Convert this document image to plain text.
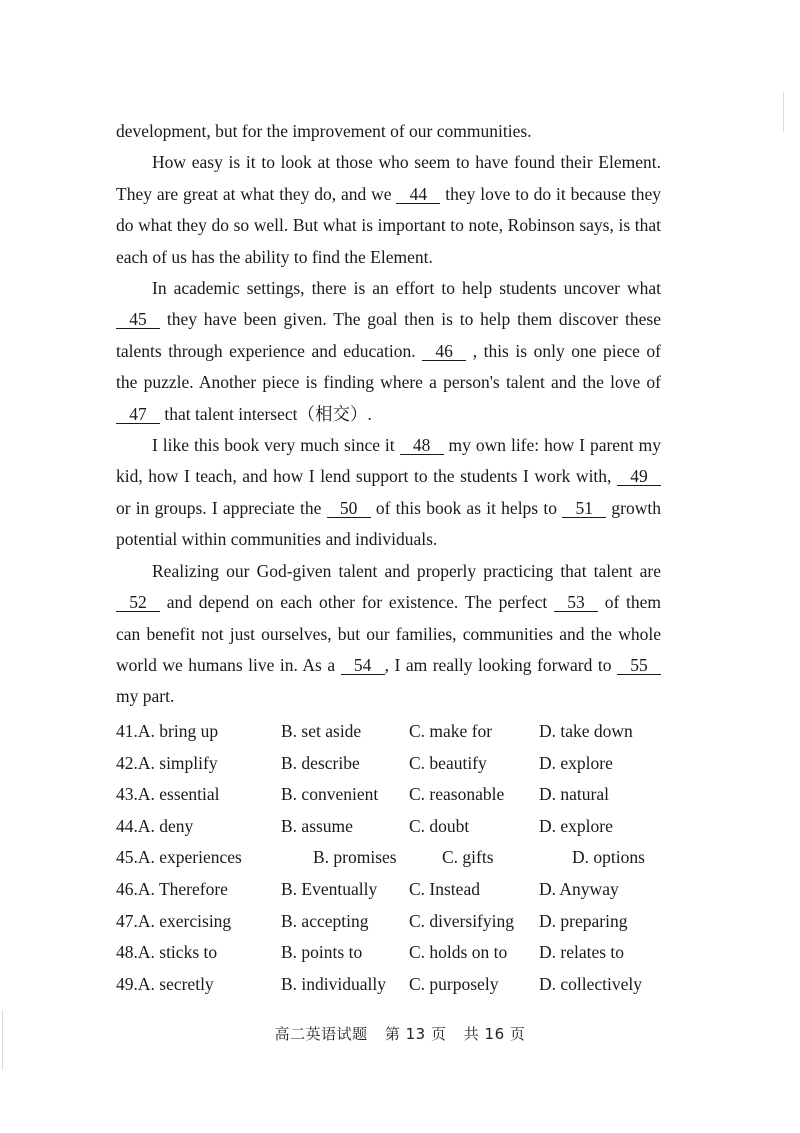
development, but for the improvement of our communities.

How easy is it to look at those who seem to have found their Element. They are great at what they do, and we 44 they love to do it because they do what they do so well. But what is important to note, Robinson says, is that each of us has the ability to find the Element.

In academic settings, there is an effort to help students uncover what 45 they have been given. The goal then is to help them discover these talents through experience and education. 46 , this is only one piece of the puzzle. Another piece is finding where a person's talent and the love of 47 that talent intersect（相交）.

I like this book very much since it 48 my own life: how I parent my kid, how I teach, and how I lend support to the students I work with, 49 or in groups. I appreciate the 50 of this book as it helps to 51 growth potential within communities and individuals.

Realizing our God-given talent and properly practicing that talent are 52 and depend on each other for existence. The perfect 53 of them can benefit not just ourselves, but our families, communities and the whole world we humans live in. As a 54 , I am really looking forward to 55 my part.

41.A. bring up	B. set aside	C. make for	D. take down
42.A. simplify	B. describe	C. beautify	D. explore
43.A. essential	B. convenient C. reasonable D. natural
44.A. deny	B. assume	C. doubt	D. explore
45.A. experiences	B. promises	C. gifts	D. options
46.A. Therefore	B. Eventually C. Instead	D. Anyway
47.A. exercising	B. accepting C. diversifying D. preparing
48.A. sticks to	B. points to	C. holds on to D. relates to
49.A. secretly	B. individually C. purposely D. collectively
高二英语试题 第 13 页 共 16 页
